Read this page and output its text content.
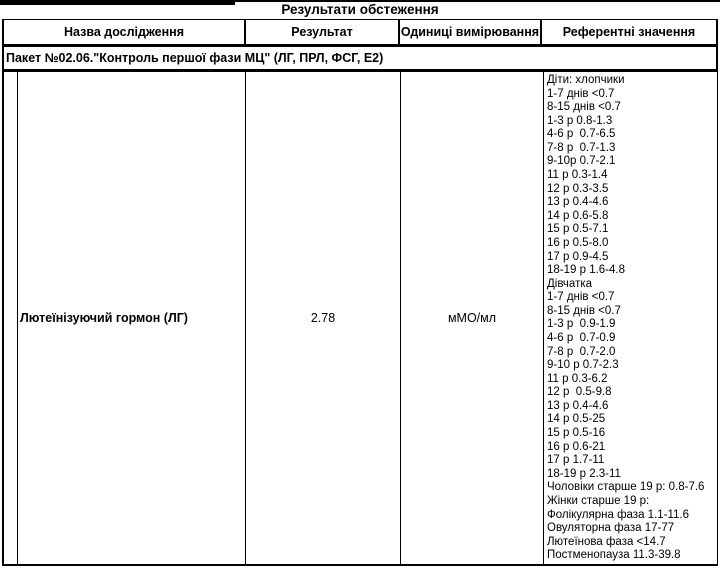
Результати обстеження
Назва дослідження	Результат	Одиниці вимірювання	Референтні значення
Пакет №02.06."Контроль першої фази МЦ" (ЛГ, ПРЛ, ФСГ, Е2)
Лютеїнізуючий гормон (ЛГ)	2.78	мМО/мл
Діти: хлопчики
1-7 днів <0.7
8-15 днів <0.7
1-3 р 0.8-1.3
4-6 р  0.7-6.5
7-8 р  0.7-1.3
9-10р 0.7-2.1
11 р 0.3-1.4
12 р 0.3-3.5
13 р 0.4-4.6
14 р 0.6-5.8
15 р 0.5-7.1
16 р 0.5-8.0
17 р 0.9-4.5
18-19 р 1.6-4.8
Дівчатка
1-7 днів <0.7
8-15 днів <0.7
1-3 р  0.9-1.9
4-6 р  0.7-0.9
7-8 р  0.7-2.0
9-10 р 0.7-2.3
11 р 0.3-6.2
12 р  0.5-9.8
13 р 0.4-4.6
14 р 0.5-25
15 р 0.5-16
16 р 0.6-21
17 р 1.7-11
18-19 р 2.3-11
Чоловіки старше 19 р: 0.8-7.6
Жінки старше 19 р:
Фолікулярна фаза 1.1-11.6
Овуляторна фаза 17-77
Лютеїнова фаза <14.7
Постменопауза 11.3-39.8
